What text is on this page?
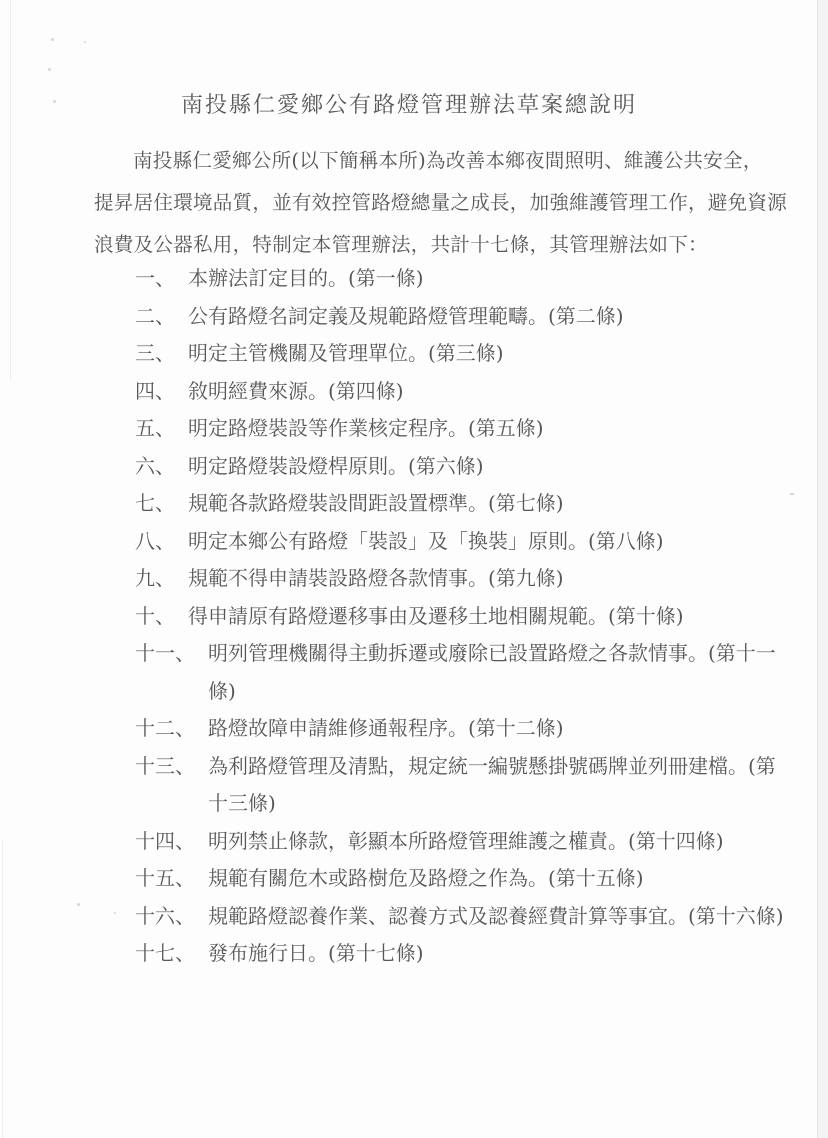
南投縣仁愛鄉公有路燈管理辦法草案總說明
南投縣仁愛鄉公所(以下簡稱本所)為改善本鄉夜間照明、維護公共安全，
提昇居住環境品質，並有效控管路燈總量之成長，加強維護管理工作，避免資源
浪費及公器私用，特制定本管理辦法，共計十七條，其管理辦法如下：
一、 本辦法訂定目的。(第一條)
二、 公有路燈名詞定義及規範路燈管理範疇。(第二條)
三、 明定主管機關及管理單位。(第三條)
四、 敘明經費來源。(第四條)
五、 明定路燈裝設等作業核定程序。(第五條)
六、 明定路燈裝設燈桿原則。(第六條)
七、 規範各款路燈裝設間距設置標準。(第七條)
八、 明定本鄉公有路燈「裝設」及「換裝」原則。(第八條)
九、 規範不得申請裝設路燈各款情事。(第九條)
十、 得申請原有路燈遷移事由及遷移土地相關規範。(第十條)
十一、 明列管理機關得主動拆遷或廢除已設置路燈之各款情事。(第十一條)
十二、 路燈故障申請維修通報程序。(第十二條)
十三、 為利路燈管理及清點，規定統一編號懸掛號碼牌並列冊建檔。(第十三條)
十四、 明列禁止條款，彰顯本所路燈管理維護之權責。(第十四條)
十五、 規範有關危木或路樹危及路燈之作為。(第十五條)
十六、 規範路燈認養作業、認養方式及認養經費計算等事宜。(第十六條)
十七、 發布施行日。(第十七條)
